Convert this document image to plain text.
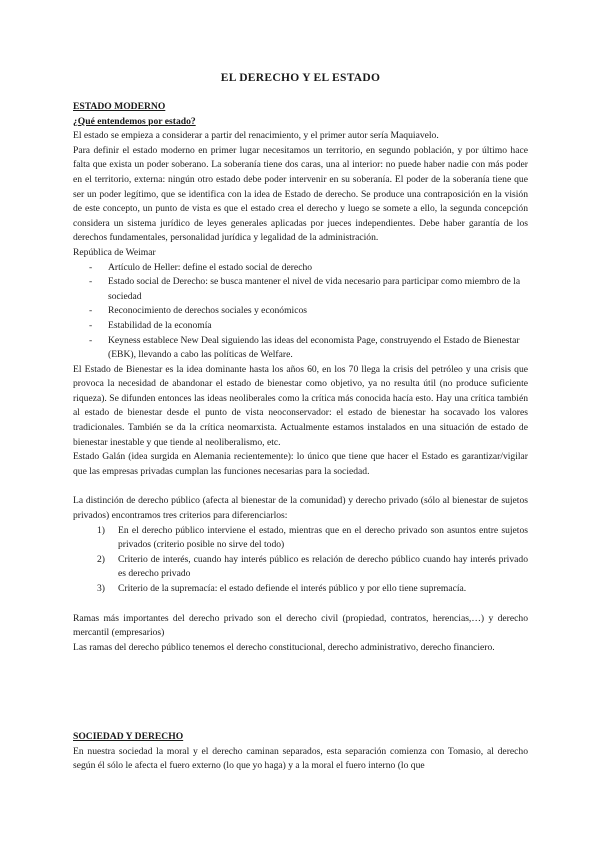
EL DERECHO Y EL ESTADO
ESTADO MODERNO
¿Qué entendemos por estado?

El estado se empieza a considerar a partir del renacimiento, y el primer autor sería Maquiavelo.

Para definir el estado moderno en primer lugar necesitamos un territorio, en segundo población, y por último hace falta que exista un poder soberano. La soberanía tiene dos caras, una al interior: no puede haber nadie con más poder en el territorio, externa: ningún otro estado debe poder intervenir en su soberanía. El poder de la soberanía tiene que ser un poder legítimo, que se identifica con la idea de Estado de derecho. Se produce una contraposición en la visión de este concepto, un punto de vista es que el estado crea el derecho y luego se somete a ello, la segunda concepción considera un sistema jurídico de leyes generales aplicadas por jueces independientes. Debe haber garantía de los derechos fundamentales, personalidad jurídica y legalidad de la administración.

República de Weimar

- Artículo de Heller: define el estado social de derecho
- Estado social de Derecho: se busca mantener el nivel de vida necesario para participar como miembro de la sociedad
- Reconocimiento de derechos sociales y económicos
- Estabilidad de la economía
- Keyness establece New Deal siguiendo las ideas del economista Page, construyendo el Estado de Bienestar (EBK), llevando a cabo las políticas de Welfare.

El Estado de Bienestar es la idea dominante hasta los años 60, en los 70 llega la crisis del petróleo y una crisis que provoca la necesidad de abandonar el estado de bienestar como objetivo, ya no resulta útil (no produce suficiente riqueza). Se difunden entonces las ideas neoliberales como la crítica más conocida hacía esto. Hay una crítica también al estado de bienestar desde el punto de vista neoconservador: el estado de bienestar ha socavado los valores tradicionales. También se da la crítica neomarxista. Actualmente estamos instalados en una situación de estado de bienestar inestable y que tiende al neoliberalismo, etc.

Estado Galán (idea surgida en Alemania recientemente): lo único que tiene que hacer el Estado es garantizar/vigilar que las empresas privadas cumplan las funciones necesarias para la sociedad.

La distinción de derecho público (afecta al bienestar de la comunidad) y derecho privado (sólo al bienestar de sujetos privados) encontramos tres criterios para diferenciarlos:

1) En el derecho público interviene el estado, mientras que en el derecho privado son asuntos entre sujetos privados (criterio posible no sirve del todo)
2) Criterio de interés, cuando hay interés público es relación de derecho público cuando hay interés privado es derecho privado
3) Criterio de la supremacía: el estado defiende el interés público y por ello tiene supremacía.

Ramas más importantes del derecho privado son el derecho civil (propiedad, contratos, herencias,…) y derecho mercantil (empresarios)

Las ramas del derecho público tenemos el derecho constitucional, derecho administrativo, derecho financiero.

SOCIEDAD Y DERECHO

En nuestra sociedad la moral y el derecho caminan separados, esta separación comienza con Tomasio, al derecho según él sólo le afecta el fuero externo (lo que yo haga) y a la moral el fuero interno (lo que
